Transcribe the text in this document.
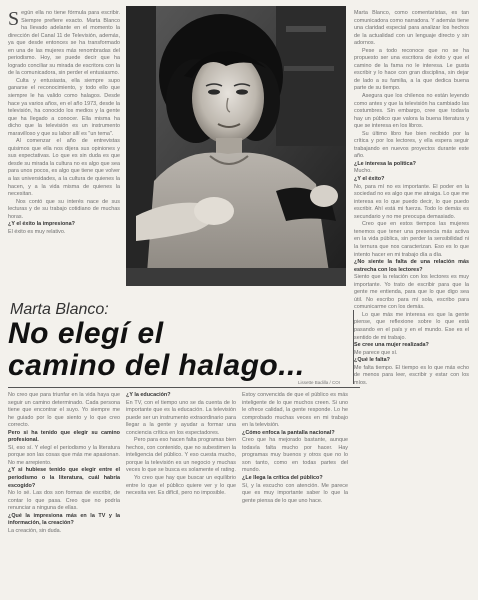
Según ella no tiene fórmula para escribir. Siempre prefiere exacto. Marta Blanco ha llevado adelante en el momento la dirección del Canal 11 de Televisión, además, ya que desde entonces se ha transformado en una de las mujeres más renombradas del periodismo. Hoy, se puede decir que ha logrado conciliar su mirada de escritora con la de la comunicadora, sin perder el entusiasmo.

Culta y entusiasta, ella siempre supo ganarse el reconocimiento, y todo ello que siempre le ha valido como halagos. Desde hace ya varios años, en el año 1973, desde la televisión, ha conocido los medios y la gente que ha llegado a conocer. Ella misma ha dicho que la televisión es un instrumento maravilloso y que su labor allí es "un tema".

Al comenzar el año de entrevistas quisimos que ella nos dijera sus opiniones y sus expectativas. Lo que es sin duda es que desde su mirada la cultura no es algo que sea para unos pocos, es algo que tiene que volver a las universidades, a la cultura de quienes la hacen, y a la vida misma de quienes la necesitan.

Nos contó que su interés nace de sus lecturas y de su trabajo cotidiano de muchas horas.

¿Y el éxito la impresiona?

El éxito es muy relativo.

Marta Blanco, como comentaristas, es tan comunicadora como narradora. Y además tiene una claridad especial para analizar los hechos de la actualidad con un lenguaje directo y sin adornos.

Pese a todo reconoce que no se ha propuesto ser una escritora de éxito y que el camino de la fama no le interesa. Le gusta escribir y lo hace con gran disciplina, sin dejar de lado a su familia, a la que dedica buena parte de su tiempo.

Asegura que los chilenos no están leyendo como antes y que la televisión ha cambiado las costumbres. Sin embargo, cree que todavía hay un público que valora la buena literatura y que se interesa en los libros.

Su último libro fue bien recibido por la crítica y por los lectores, y ella espera seguir trabajando en nuevos proyectos durante este año.

¿Le interesa la política?

Mucho.

¿Y el éxito?

No, para mí no es importante. El poder en la sociedad no es algo que me atraiga. Lo que me interesa es lo que puedo decir, lo que puedo escribir. Ahí está mi fuerza. Todo lo demás es secundario y no me preocupa demasiado.

Creo que en estos tiempos las mujeres tenemos que tener una presencia más activa en la vida pública, sin perder la sensibilidad ni la ternura que nos caracterizan. Eso es lo que intento hacer en mi trabajo día a día.

¿No siente la falta de una relación más estrecha con los lectores?

Siento que la relación con los lectores es muy importante. Yo trato de escribir para que la gente me entienda, para que lo que digo sea útil. No escribo para mí sola, escribo para comunicarme con los demás.

Lo que más me interesa es que la gente piense, que reflexione sobre lo que está pasando en el país y en el mundo. Ese es el sentido de mi trabajo.

Se cree una mujer realizada?

Me parece que sí.

¿Qué le falta?

Me falta tiempo. El tiempo es lo que más echo de menos para leer, escribir y estar con los míos.

Marta Blanco:
No elegí el
camino del halago...
Lissette Badilla / COI

No creo que para triunfar en la vida haya que seguir un camino determinado. Cada persona tiene que encontrar el suyo. Yo siempre me he guiado por lo que siento y lo que creo correcto.

Pero si ha tenido que elegir su camino profesional.

Sí, eso sí. Y elegí el periodismo y la literatura porque son las cosas que más me apasionan. No me arrepiento.

¿Y si hubiese tenido que elegir entre el periodismo o la literatura, cuál habría escogido?

No lo sé. Las dos son formas de escribir, de contar lo que pasa. Creo que no podría renunciar a ninguna de ellas.

¿Qué la impresiona más en la TV y la información, la creación?

La creación, sin duda.

¿Y la educación?

En TV, con el tiempo uno se da cuenta de lo importante que es la educación. La televisión puede ser un instrumento extraordinario para llegar a la gente y ayudar a formar una conciencia crítica en los espectadores.

Pero para eso hacen falta programas bien hechos, con contenido, que no subestimen la inteligencia del público. Y eso cuesta mucho, porque la televisión es un negocio y muchas veces lo que se busca es solamente el rating.

Yo creo que hay que buscar un equilibrio entre lo que el público quiere ver y lo que necesita ver. Es difícil, pero no imposible.

Estoy convencida de que el público es más inteligente de lo que muchos creen. Si uno le ofrece calidad, la gente responde. Lo he comprobado muchas veces en mi trabajo en la televisión.

¿Cómo enfoca la pantalla nacional?

Creo que ha mejorado bastante, aunque todavía falta mucho por hacer. Hay programas muy buenos y otros que no lo son tanto, como en todas partes del mundo.

¿Le llega la crítica del público?

Sí, y la escucho con atención. Me parece que es muy importante saber lo que la gente piensa de lo que uno hace.
